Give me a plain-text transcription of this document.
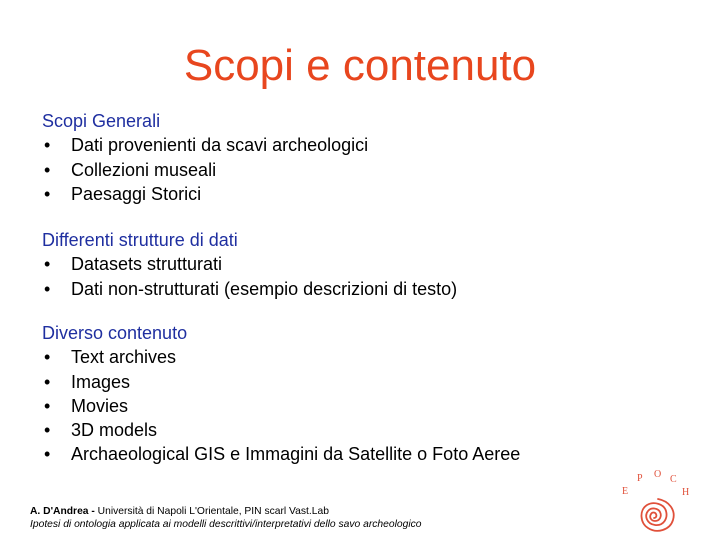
Scopi e contenuto
Scopi Generali
• Dati provenienti da scavi archeologici
• Collezioni museali
• Paesaggi Storici
Differenti strutture di dati
• Datasets strutturati
• Dati non-strutturati (esempio descrizioni di testo)
Diverso contenuto
• Text archives
• Images
• Movies
• 3D models
• Archaeological GIS e Immagini da Satellite o Foto Aeree
A. D'Andrea - Università di Napoli L'Orientale, PIN scarl Vast.Lab
Ipotesi di ontologia applicata ai modelli descrittivi/interpretativi dello savo archeologico
E
P O C
H
